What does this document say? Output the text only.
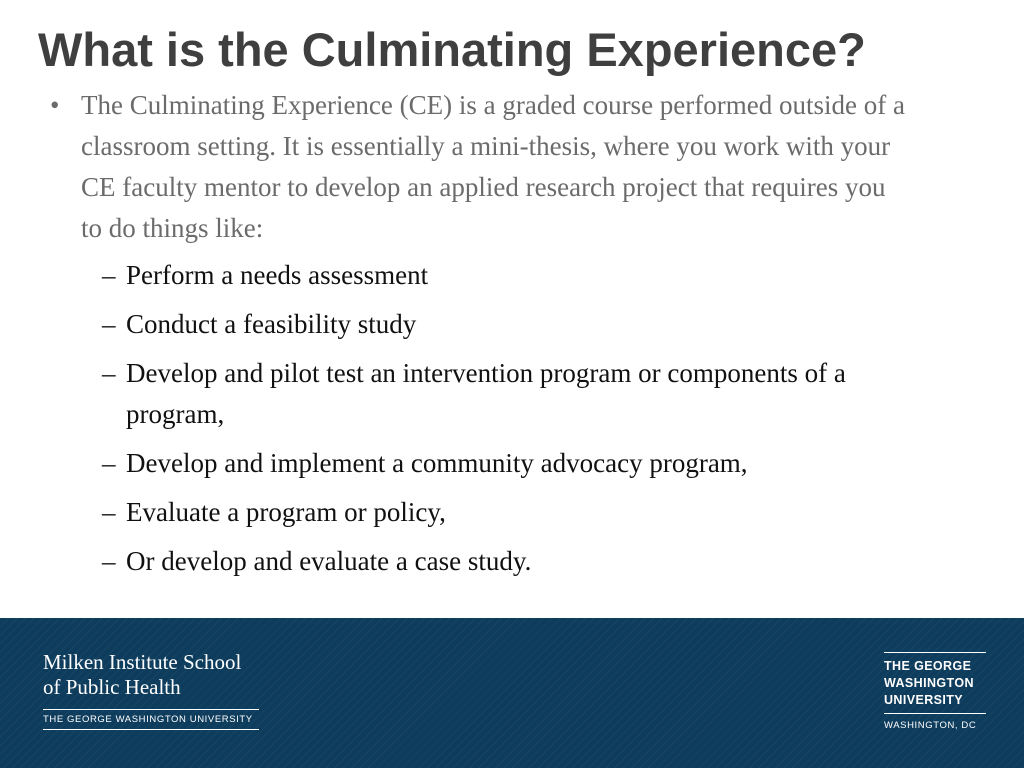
What is the Culminating Experience?
• The Culminating Experience (CE) is a graded course performed outside of a classroom setting. It is essentially a mini-thesis, where you work with your CE faculty mentor to develop an applied research project that requires you to do things like:
– Perform a needs assessment
– Conduct a feasibility study
– Develop and pilot test an intervention program or components of a program,
– Develop and implement a community advocacy program,
– Evaluate a program or policy,
– Or develop and evaluate a case study.
Milken Institute School
of Public Health
THE GEORGE WASHINGTON UNIVERSITY
THE GEORGE
WASHINGTON
UNIVERSITY
WASHINGTON, DC
